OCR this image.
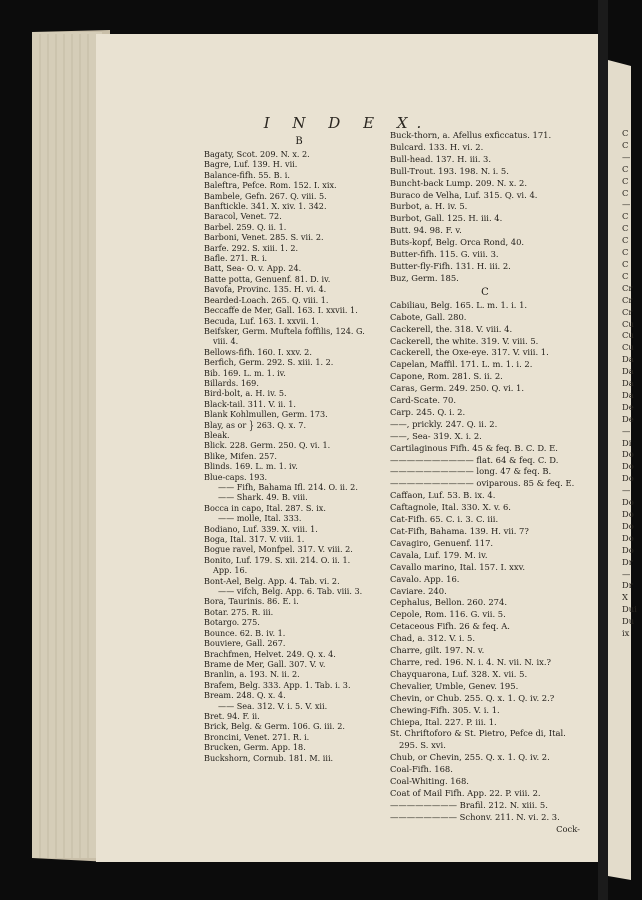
I N D E X.
B
Bagaty, Scot. 209. N. x. 2.
Bagre, Luf. 139. H. vii.
Balance-fifh. 55. B. i.
Baleftra, Pefce. Rom. 152. I. xix.
Bambele, Gefn. 267. Q. viii. 5.
Banftickle. 341. X. xiv. 1. 342.
Baracol, Venet. 72.
Barbel. 259. Q. ii. 1.
Barboni, Venet. 285. S. vii. 2.
Barfe. 292. S. xiii. 1. 2.
Bafle. 271. R. i.
Batt, Sea- O. v. App. 24.
Batte potta, Genuenf. 81. D. iv.
Bavofa, Provinc. 135. H. vi. 4.
Bearded-Loach. 265. Q. viii. 1.
Beccaffe de Mer, Gall. 163. I. xxvii. 1.
Becuda, Luf. 163. I. xxvii. 1.
Beifsker, Germ. Muftela foffilis, 124. G.
viii. 4.
Bellows-fifh. 160. I. xxv. 2.
Berfich, Germ. 292. S. xiii. 1. 2.
Bib. 169. L. m. 1. iv.
Billards. 169.
Bird-bolt, a. H. iv. 5.
Black-tail. 311. V. ii. 1.
Blank Kohlmullen, Germ. 173.
Blay, as or } 263. Q. x. 7.
Bleak.
Blick. 228. Germ. 250. Q. vi. 1.
Blike, Mifen. 257.
Blinds. 169. L. m. 1. iv.
Blue-caps. 193.
—— Fifh, Bahama Ifl. 214. O. ii. 2.
—— Shark. 49. B. viii.
Bocca in capo, Ital. 287. S. ix.
—— molle, Ital. 333.
Bodiano, Luf. 339. X. viii. 1.
Boga, Ital. 317. V. viii. 1.
Bogue ravel, Monfpel. 317. V. viii. 2.
Bonito, Luf. 179. S. xii. 214. O. ii. 1.
App. 16.
Bont-Ael, Belg. App. 4. Tab. vi. 2.
—— vifch, Belg. App. 6. Tab. viii. 3.
Bora, Taurinis. 86. E. i.
Botar. 275. R. iii.
Botargo. 275.
Bounce. 62. B. iv. 1.
Bouviere, Gall. 267.
Brachfmen, Helvet. 249. Q. x. 4.
Brame de Mer, Gall. 307. V. v.
Branlin, a. 193. N. ii. 2.
Brafem, Belg. 333. App. 1. Tab. i. 3.
Bream. 248. Q. x. 4.
—— Sea. 312. V. i. 5. V. xii.
Bret. 94. F. ii.
Brick, Belg. & Germ. 106. G. iii. 2.
Broncini, Venet. 271. R. i.
Brucken, Germ. App. 18.
Buckshorn, Cornub. 181. M. iii.
Buck-thorn, a. Afellus exficcatus. 171.
Bulcard. 133. H. vi. 2.
Bull-head. 137. H. iii. 3.
Bull-Trout. 193. 198. N. i. 5.
Buncht-back Lump. 209. N. x. 2.
Buraco de Velha, Luf. 315. Q. vi. 4.
Burbot, a. H. iv. 5.
Burbot, Gall. 125. H. iii. 4.
Butt. 94. 98. F. v.
Buts-kopf, Belg. Orca Rond, 40.
Butter-fifh. 115. G. viii. 3.
Butter-fly-Fifh. 131. H. iii. 2.
Buz, Germ. 185.
C
Cabiliau, Belg. 165. L. m. 1. i. 1.
Cabote, Gall. 280.
Cackerell, the. 318. V. viii. 4.
Cackerell, the white. 319. V. viii. 5.
Cackerell, the Oxe-eye. 317. V. viii. 1.
Capelan, Maffil. 171. L. m. 1. i. 2.
Capone, Rom. 281. S. ii. 2.
Caras, Germ. 249. 250. Q. vi. 1.
Card-Scate. 70.
Carp. 245. Q. i. 2.
——, prickly. 247. Q. ii. 2.
——, Sea- 319. X. i. 2.
Cartilaginous Fifh. 45 & feq. B. C. D. E.
—————————— flat. 64 & feq. C. D.
—————————— long. 47 & feq. B.
—————————— oviparous. 85 & feq. E.
Caffaon, Luf. 53. B. ix. 4.
Caftagnole, Ital. 330. X. v. 6.
Cat-Fifh. 65. C. i. 3. C. iii.
Cat-Fifh, Bahama. 139. H. vii. 7?
Cavagiro, Genuenf. 117.
Cavala, Luf. 179. M. iv.
Cavallo marino, Ital. 157. I. xxv.
Cavalo. App. 16.
Caviare. 240.
Cephalus, Bellon. 260. 274.
Cepole, Rom. 116. G. vii. 5.
Cetaceous Fifh. 26 & feq. A.
Chad, a. 312. V. i. 5.
Charre, gilt. 197. N. v.
Charre, red. 196. N. i. 4. N. vii. N. ix.?
Chayquarona, Luf. 328. X. vii. 5.
Chevalier, Umble, Genev. 195.
Chevin, or Chub. 255. Q. x. 1. Q. iv. 2.?
Chewing-Fifh. 305. V. i. 1.
Chiepa, Ital. 227. P. iii. 1.
St. Chriftoforo & St. Pietro, Pefce di, Ital.
295. S. xvi.
Chub, or Chevin, 255. Q. x. 1. Q. iv. 2.
Coal-Fifh. 168.
Coal-Whiting. 168.
Coat of Mail Fifh. App. 22. P. viii. 2.
———————— Brafil. 212. N. xiii. 5.
———————— Schonv. 211. N. vi. 2. 3.
Cock-
C
C
—
C
C
C
—
C
C
C
C
C
C
Cr
Cr
Cr
Cu
Cu
Cu
Da
Da
Da
Da
De
De
—
Di
Do
Do
Do
—
Do
Do
Do
Do
Do
Dr
—
Dr
X
Dui
Du
ix
